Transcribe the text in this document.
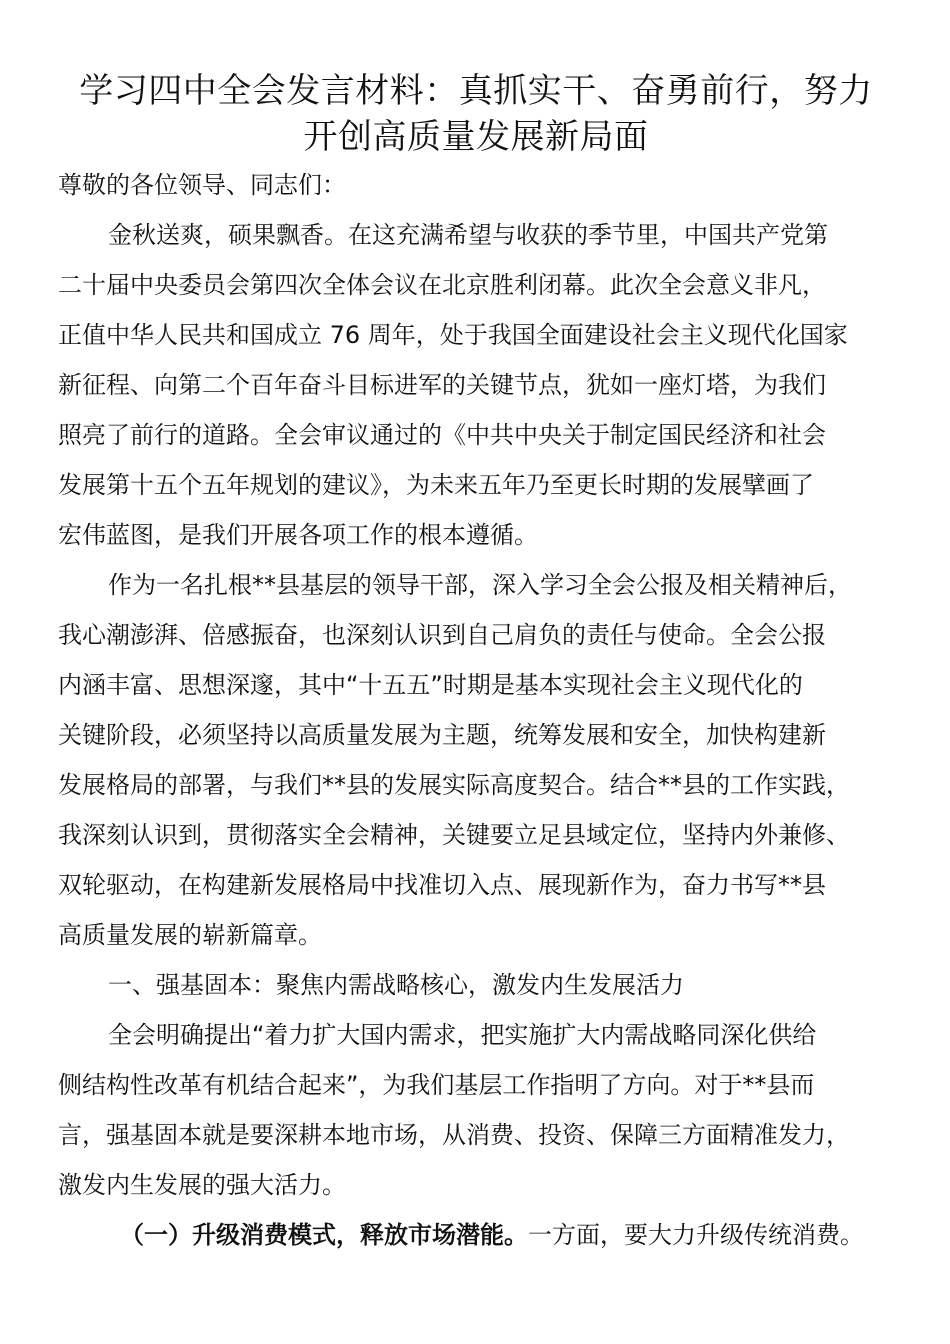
学习四中全会发言材料：真抓实干、奋勇前行，努力
开创高质量发展新局面

尊敬的各位领导、同志们：

金秋送爽，硕果飘香。在这充满希望与收获的季节里，中国共产党第
二十届中央委员会第四次全体会议在北京胜利闭幕。此次全会意义非凡，
正值中华人民共和国成立 76 周年，处于我国全面建设社会主义现代化国家
新征程、向第二个百年奋斗目标进军的关键节点，犹如一座灯塔，为我们
照亮了前行的道路。全会审议通过的《中共中央关于制定国民经济和社会
发展第十五个五年规划的建议》，为未来五年乃至更长时期的发展擘画了
宏伟蓝图，是我们开展各项工作的根本遵循。

作为一名扎根**县基层的领导干部，深入学习全会公报及相关精神后，
我心潮澎湃、倍感振奋，也深刻认识到自己肩负的责任与使命。全会公报
内涵丰富、思想深邃，其中“十五五”时期是基本实现社会主义现代化的
关键阶段，必须坚持以高质量发展为主题，统筹发展和安全，加快构建新
发展格局的部署，与我们**县的发展实际高度契合。结合**县的工作实践，
我深刻认识到，贯彻落实全会精神，关键要立足县域定位，坚持内外兼修、
双轮驱动，在构建新发展格局中找准切入点、展现新作为，奋力书写**县
高质量发展的崭新篇章。

一、强基固本：聚焦内需战略核心，激发内生发展活力

全会明确提出“着力扩大国内需求，把实施扩大内需战略同深化供给
侧结构性改革有机结合起来”，为我们基层工作指明了方向。对于**县而
言，强基固本就是要深耕本地市场，从消费、投资、保障三方面精准发力，
激发内生发展的强大活力。

（一）升级消费模式，释放市场潜能。一方面，要大力升级传统消费。
